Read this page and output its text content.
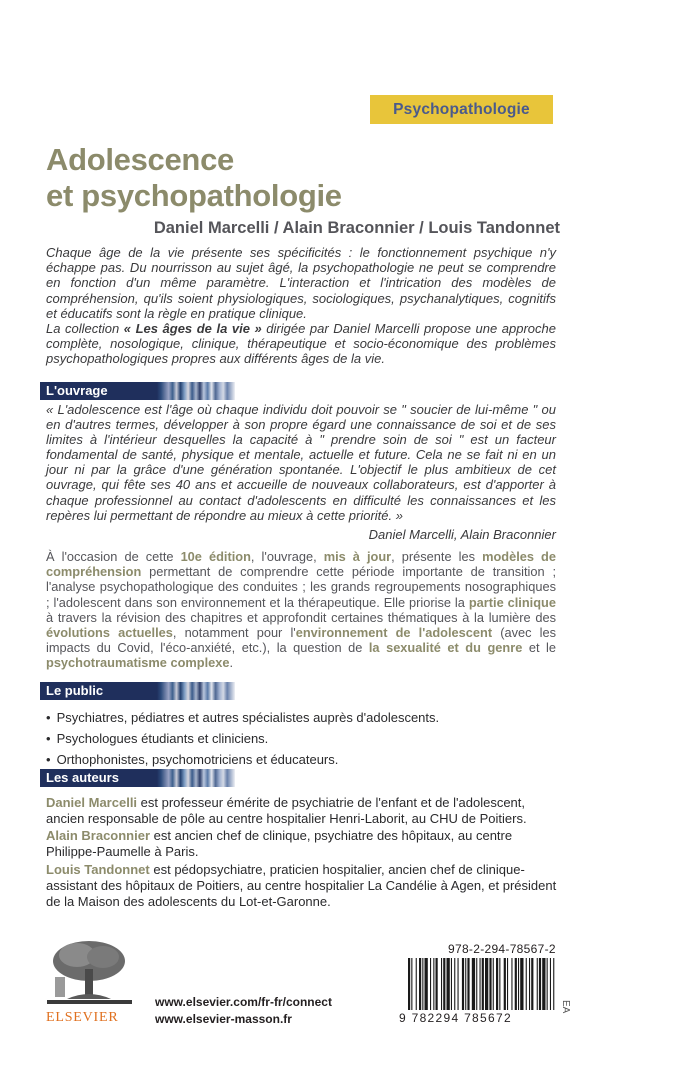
Psychopathologie
Adolescence
et psychopathologie
Daniel Marcelli / Alain Braconnier / Louis Tandonnet

Chaque âge de la vie présente ses spécificités : le fonctionnement psychique n'y échappe pas. Du nourrisson au sujet âgé, la psychopathologie ne peut se comprendre en fonction d'un même paramètre. L'interaction et l'intrication des modèles de compréhension, qu'ils soient physiologiques, sociologiques, psychanalytiques, cognitifs et éducatifs sont la règle en pratique clinique.

La collection « Les âges de la vie » dirigée par Daniel Marcelli propose une approche complète, nosologique, clinique, thérapeutique et socio-économique des problèmes psychopathologiques propres aux différents âges de la vie.

L'ouvrage
« L'adolescence est l'âge où chaque individu doit pouvoir se " soucier de lui-même " ou en d'autres termes, développer à son propre égard une connaissance de soi et de ses limites à l'intérieur desquelles la capacité à " prendre soin de soi " est un facteur fondamental de santé, physique et mentale, actuelle et future. Cela ne se fait ni en un jour ni par la grâce d'une génération spontanée. L'objectif le plus ambitieux de cet ouvrage, qui fête ses 40 ans et accueille de nouveaux collaborateurs, est d'apporter à chaque professionnel au contact d'adolescents en difficulté les connaissances et les repères lui permettant de répondre au mieux à cette priorité. »
Daniel Marcelli, Alain Braconnier
À l'occasion de cette 10e édition, l'ouvrage, mis à jour, présente les modèles de compréhension permettant de comprendre cette période importante de transition ; l'analyse psychopathologique des conduites ; les grands regroupements nosographiques ; l'adolescent dans son environnement et la thérapeutique. Elle priorise la partie clinique à travers la révision des chapitres et approfondit certaines thématiques à la lumière des évolutions actuelles, notamment pour l'environnement de l'adolescent (avec les impacts du Covid, l'éco-anxiété, etc.), la question de la sexualité et du genre et le psychotraumatisme complexe.
Le public
• Psychiatres, pédiatres et autres spécialistes auprès d'adolescents.
• Psychologues étudiants et cliniciens.
• Orthophonistes, psychomotriciens et éducateurs.
Les auteurs
Daniel Marcelli est professeur émérite de psychiatrie de l'enfant et de l'adolescent, ancien responsable de pôle au centre hospitalier Henri-Laborit, au CHU de Poitiers.
Alain Braconnier est ancien chef de clinique, psychiatre des hôpitaux, au centre Philippe-Paumelle à Paris.
Louis Tandonnet est pédopsychiatre, praticien hospitalier, ancien chef de clinique-assistant des hôpitaux de Poitiers, au centre hospitalier La Candélie à Agen, et président de la Maison des adolescents du Lot-et-Garonne.
ELSEVIER
www.elsevier.com/fr-fr/connect
www.elsevier-masson.fr
978-2-294-78567-2
9 782294 785672
EA
